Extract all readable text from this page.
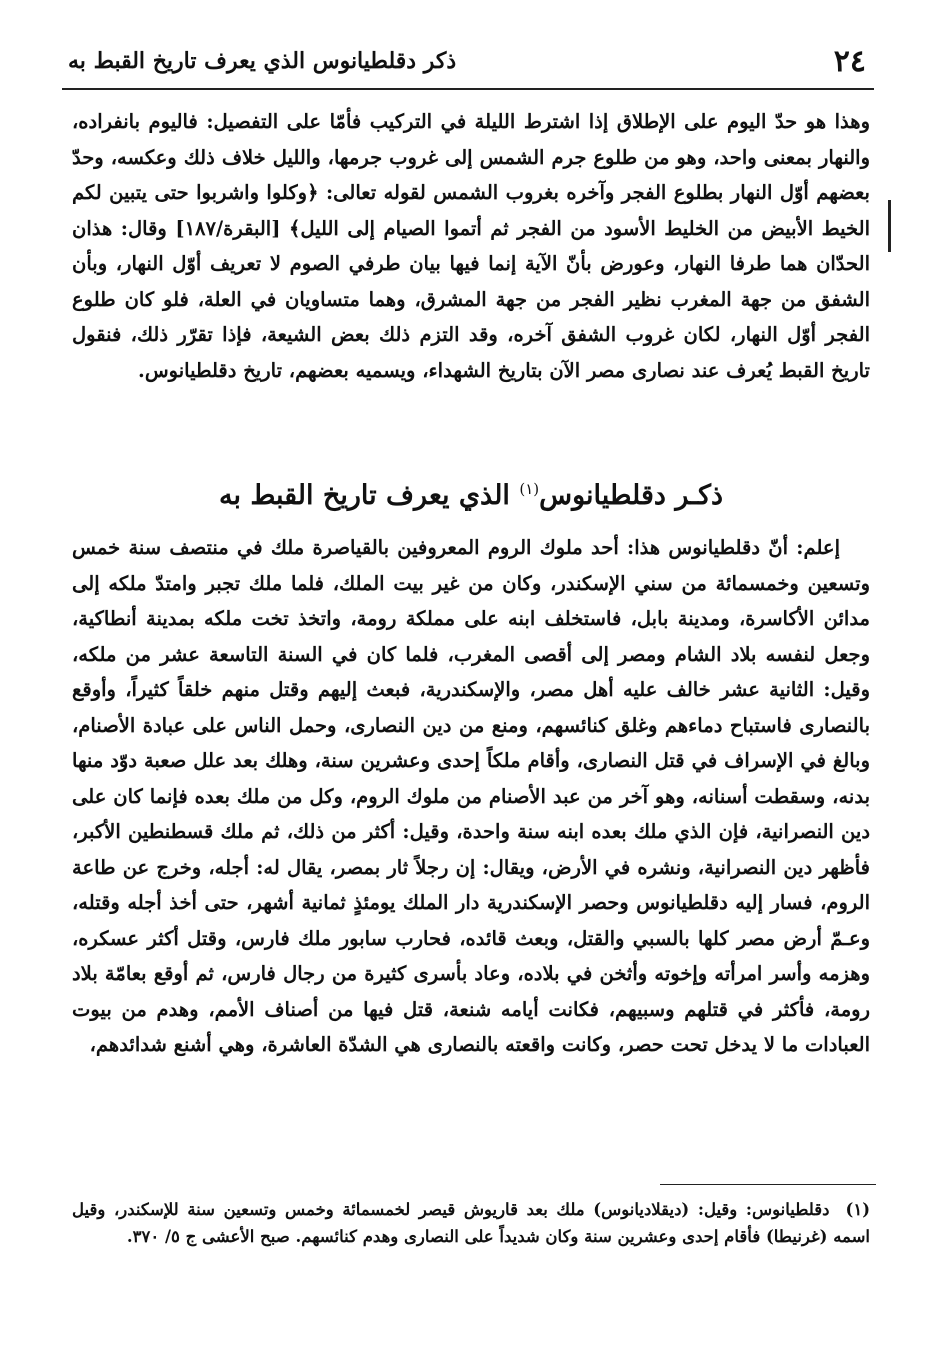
٢٤
ذكر دقلطيانوس الذي يعرف تاريخ القبط به

وهذا هو حدّ اليوم على الإطلاق إذا اشترط الليلة في التركيب فأمّا على التفصيل: فاليوم بانفراده، والنهار بمعنى واحد، وهو من طلوع جرم الشمس إلى غروب جرمها، والليل خلاف ذلك وعكسه، وحدّ بعضهم أوّل النهار بطلوع الفجر وآخره بغروب الشمس لقوله تعالى: ﴿وكلوا واشربوا حتى يتبين لكم الخيط الأبيض من الخليط الأسود من الفجر ثم أتموا الصيام إلى الليل﴾ [البقرة/١٨٧] وقال: هذان الحدّان هما طرفا النهار، وعورض بأنّ الآية إنما فيها بيان طرفي الصوم لا تعريف أوّل النهار، وبأن الشفق من جهة المغرب نظير الفجر من جهة المشرق، وهما متساويان في العلة، فلو كان طلوع الفجر أوّل النهار، لكان غروب الشفق آخره، وقد التزم ذلك بعض الشيعة، فإذا تقرّر ذلك، فنقول تاريخ القبط يُعرف عند نصارى مصر الآن بتاريخ الشهداء، ويسميه بعضهم، تاريخ دقلطيانوس.

ذكـر دقلطيانوس$^{(١)}$ الذي يعرف تاريخ القبط به

إعلم: أنّ دقلطيانوس هذا: أحد ملوك الروم المعروفين بالقياصرة ملك في منتصف سنة خمس وتسعين وخمسمائة من سني الإسكندر، وكان من غير بيت الملك، فلما ملك تجبر وامتدّ ملكه إلى مدائن الأكاسرة، ومدينة بابل، فاستخلف ابنه على مملكة رومة، واتخذ تخت ملكه بمدينة أنطاكية، وجعل لنفسه بلاد الشام ومصر إلى أقصى المغرب، فلما كان في السنة التاسعة عشر من ملكه، وقيل: الثانية عشر خالف عليه أهل مصر، والإسكندرية، فبعث إليهم وقتل منهم خلقاً كثيراً، وأوقع بالنصارى فاستباح دماءهم وغلق كنائسهم، ومنع من دين النصارى، وحمل الناس على عبادة الأصنام، وبالغ في الإسراف في قتل النصارى، وأقام ملكاً إحدى وعشرين سنة، وهلك بعد علل صعبة دوّد منها بدنه، وسقطت أسنانه، وهو آخر من عبد الأصنام من ملوك الروم، وكل من ملك بعده فإنما كان على دين النصرانية، فإن الذي ملك بعده ابنه سنة واحدة، وقيل: أكثر من ذلك، ثم ملك قسطنطين الأكبر، فأظهر دين النصرانية، ونشره في الأرض، ويقال: إن رجلاً ثار بمصر، يقال له: أجله، وخرج عن طاعة الروم، فسار إليه دقلطيانوس وحصر الإسكندرية دار الملك يومئذٍ ثمانية أشهر، حتى أخذ أجله وقتله، وعـمّ أرض مصر كلها بالسبي والقتل، وبعث قائده، فحارب سابور ملك فارس، وقتل أكثر عسكره، وهزمه وأسر امرأته وإخوته وأثخن في بلاده، وعاد بأسرى كثيرة من رجال فارس، ثم أوقع بعامّة بلاد رومة، فأكثر في قتلهم وسبيهم، فكانت أيامه شنعة، قتل فيها من أصناف الأمم، وهدم من بيوت العبادات ما لا يدخل تحت حصر، وكانت واقعته بالنصارى هي الشدّة العاشرة، وهي أشنع شدائدهم،

(١)دقلطيانوس: وقيل: (ديقلاديانوس) ملك بعد قاريوش قيصر لخمسمائة وخمس وتسعين سنة للإسكندر، وقيل اسمه (غرنيطا) فأقام إحدى وعشرين سنة وكان شديداً على النصارى وهدم كنائسهم. صبح الأعشى ج ٥/ ٣٧٠.
